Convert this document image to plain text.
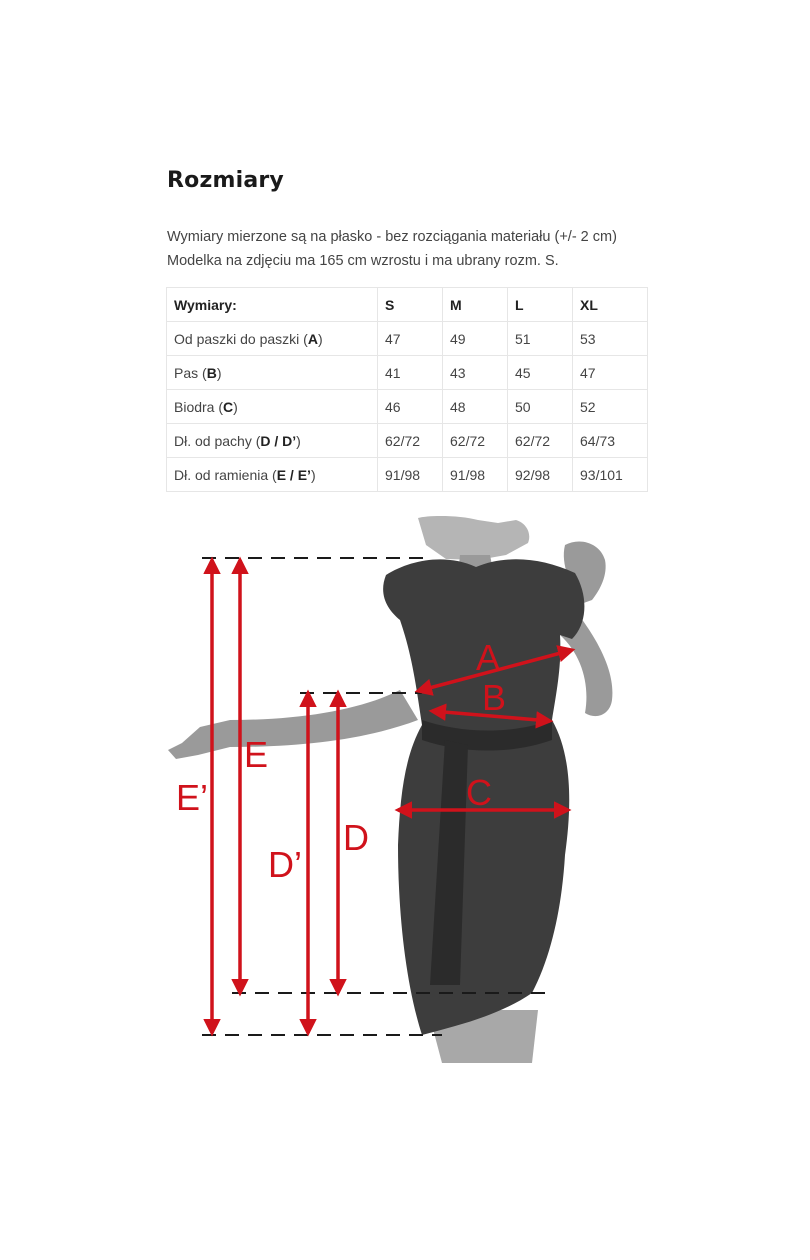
Rozmiary
Wymiary mierzone są na płasko - bez rozciągania materiału (+/- 2 cm)
Modelka na zdjęciu ma 165 cm wzrostu i ma ubrany rozm. S.
Wymiary:	S	M	L	XL
Od paszki do paszki (A)	47	49	51	53
Pas (B)	41	43	45	47
Biodra (C)	46	48	50	52
Dł. od pachy (D / D’)	62/72	62/72	62/72	64/73
Dł. od ramienia (E / E’)	91/98	91/98	92/98	93/101
A
B
C
D
D’
E
E’
